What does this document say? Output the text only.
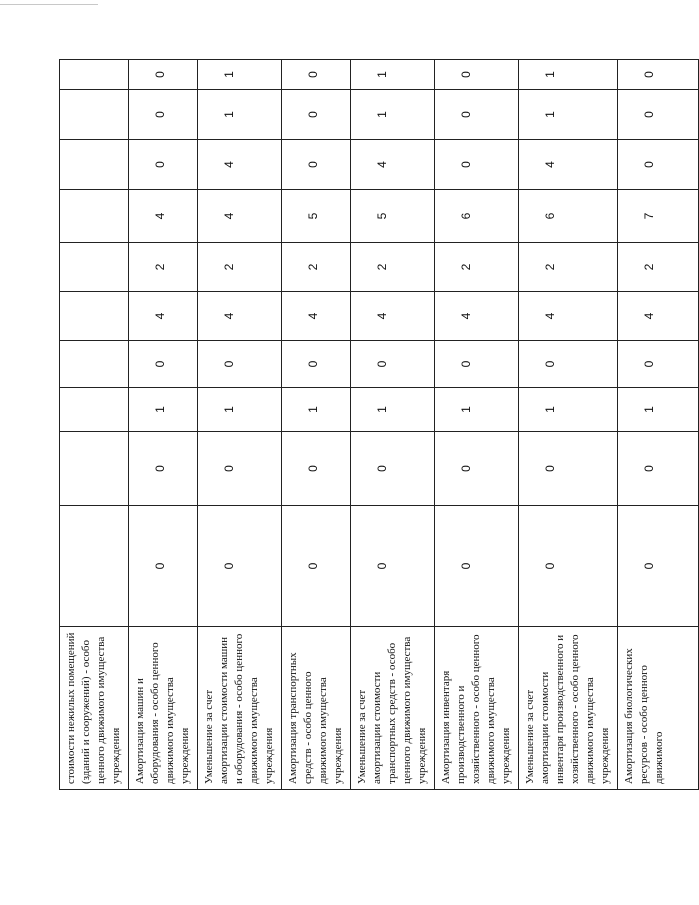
стоимости нежилых помещений (зданий и сооружений) - особо ценного движимого имущества учреждения										
Амортизация машин и оборудования - особо ценного движимого имущества учреждения	0	0	1	0	4	2	4	0	0	0
Уменьшение за счет амортизации стоимости машин и оборудования - особо ценного движимого имущества учреждения	0	0	1	0	4	2	4	4	1	1
Амортизация транспортных средств - особо ценного движимого имущества учреждения	0	0	1	0	4	2	5	0	0	0
Уменьшение за счет амортизации стоимости транспортных средств - особо ценного движимого имущества учреждения	0	0	1	0	4	2	5	4	1	1
Амортизация инвентаря производственного и хозяйственного - особо ценного движимого имущества учреждения	0	0	1	0	4	2	6	0	0	0
Уменьшение за счет амортизации стоимости инвентаря производственного и хозяйственного - особо ценного движимого имущества учреждения	0	0	1	0	4	2	6	4	1	1
Амортизация биологических ресурсов - особо ценного движимого	0	0	1	0	4	2	7	0	0	0
